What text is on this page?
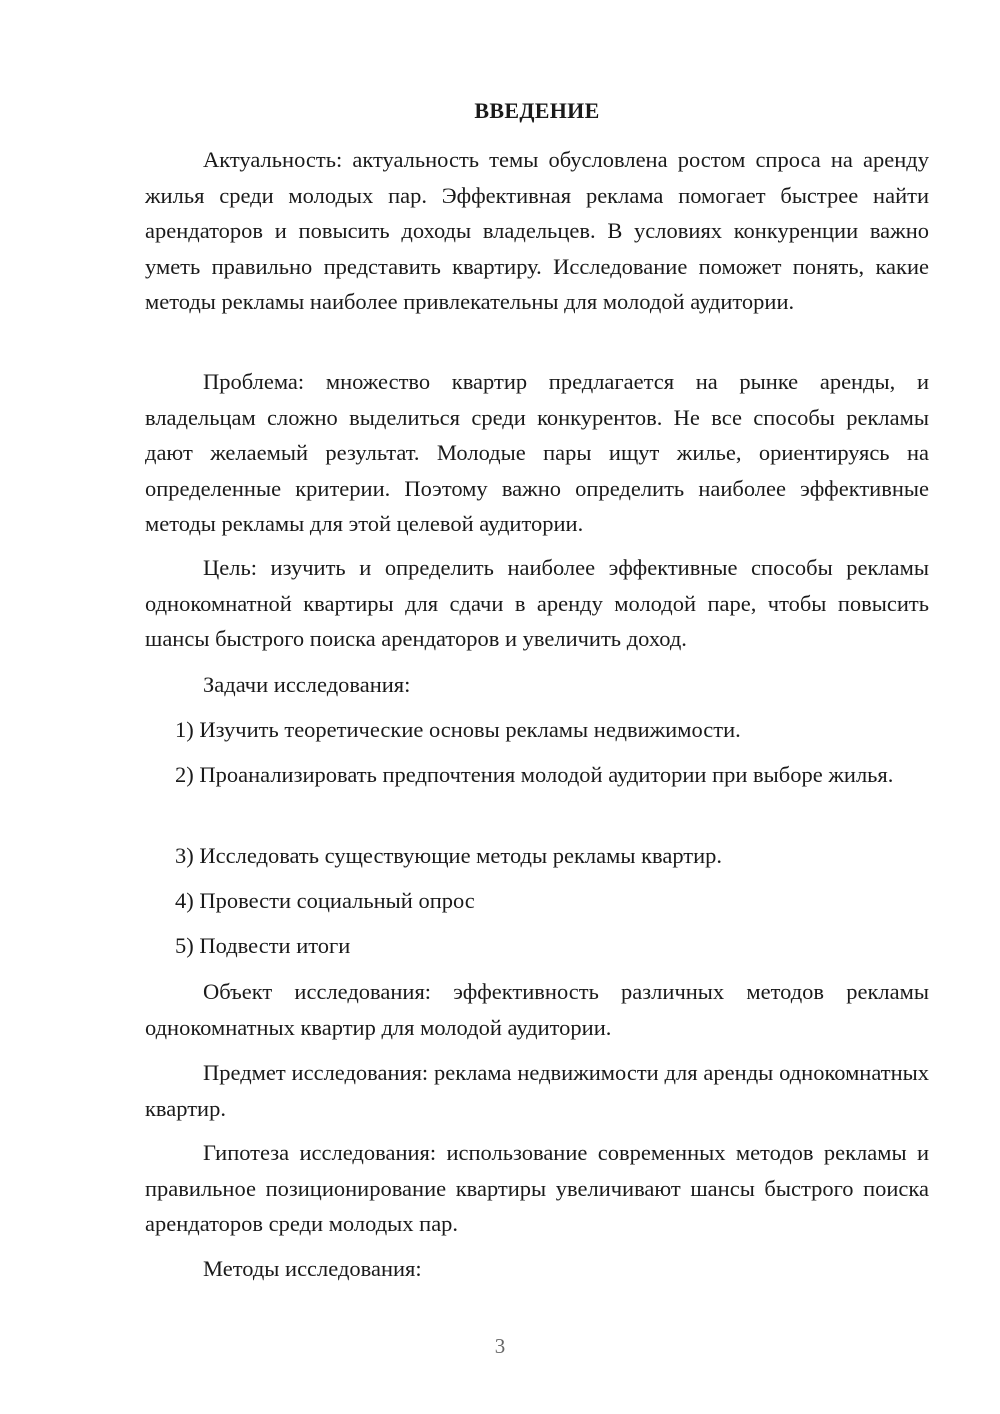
ВВЕДЕНИЕ

Актуальность: актуальность темы обусловлена ростом спроса на аренду жилья среди молодых пар. Эффективная реклама помогает быстрее найти арендаторов и повысить доходы владельцев. В условиях конкуренции важно уметь правильно представить квартиру. Исследование поможет понять, какие методы рекламы наиболее привлекательны для молодой аудитории.

Проблема: множество квартир предлагается на рынке аренды, и владельцам сложно выделиться среди конкурентов. Не все способы рекламы дают желаемый результат. Молодые пары ищут жилье, ориентируясь на определенные критерии. Поэтому важно определить наиболее эффективные методы рекламы для этой целевой аудитории.

Цель: изучить и определить наиболее эффективные способы рекламы однокомнатной квартиры для сдачи в аренду молодой паре, чтобы повысить шансы быстрого поиска арендаторов и увеличить доход.

Задачи исследования:

1) Изучить теоретические основы рекламы недвижимости.

2) Проанализировать предпочтения молодой аудитории при выборе жилья.

3) Исследовать существующие методы рекламы квартир.

4) Провести социальный опрос

5) Подвести итоги

Объект исследования: эффективность различных методов рекламы однокомнатных квартир для молодой аудитории.

Предмет исследования: реклама недвижимости для аренды однокомнатных квартир.

Гипотеза исследования: использование современных методов рекламы и правильное позиционирование квартиры увеличивают шансы быстрого поиска арендаторов среди молодых пар.

Методы исследования:

3
